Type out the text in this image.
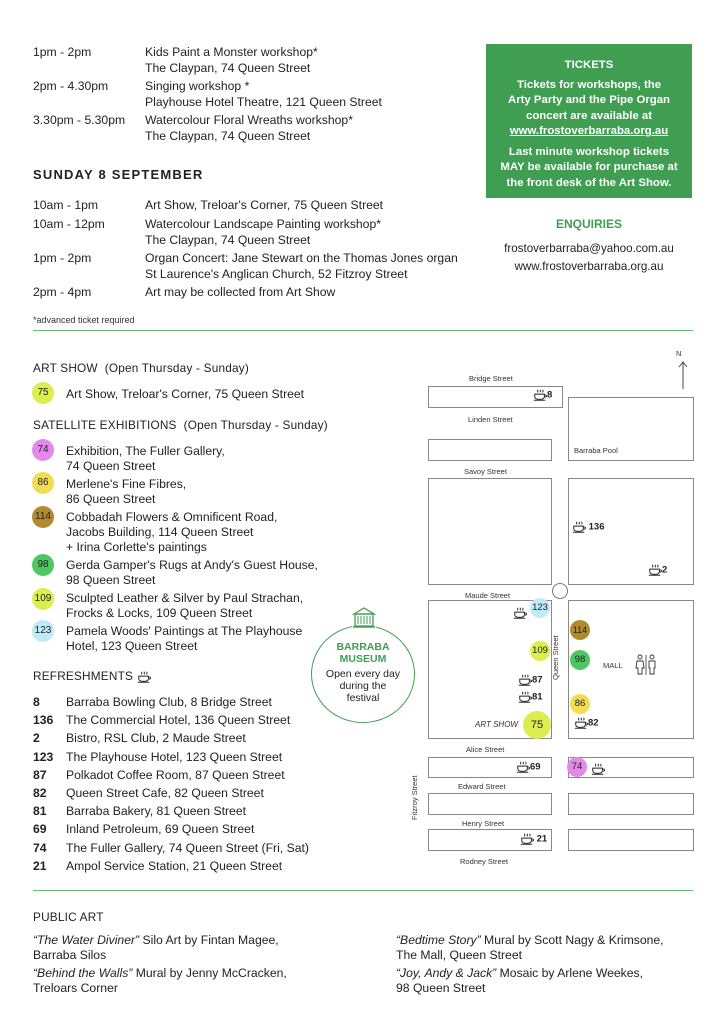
1pm - 2pm	Kids Paint a Monster workshop*
The Claypan, 74 Queen Street
2pm - 4.30pm	Singing workshop *
Playhouse Hotel Theatre, 121 Queen Street
3.30pm - 5.30pm Watercolour Floral Wreaths workshop*
The Claypan, 74 Queen Street
SUNDAY 8 SEPTEMBER
10am - 1pm	Art Show, Treloar's Corner, 75 Queen Street
10am - 12pm	Watercolour Landscape Painting workshop*
The Claypan, 74 Queen Street
1pm - 2pm	Organ Concert: Jane Stewart on the Thomas Jones organ
St Laurence's Anglican Church, 52 Fitzroy Street
2pm - 4pm	Art may be collected from Art Show
*advanced ticket required
TICKETS
Tickets for workshops, the
Arty Party and the Pipe Organ
concert are available at
www.frostoverbarraba.org.au
Last minute workshop tickets
MAY be available for purchase at
the front desk of the Art Show.
ENQUIRIES
frostoverbarraba@yahoo.com.au
www.frostoverbarraba.org.au
ART SHOW (Open Thursday - Sunday)
75	Art Show, Treloar's Corner, 75 Queen Street
SATELLITE EXHIBITIONS (Open Thursday - Sunday)
74	Exhibition, The Fuller Gallery,
74 Queen Street
86	Merlene's Fine Fibres,
86 Queen Street
114 Cobbadah Flowers & Omnificent Road,
Jacobs Building, 114 Queen Street
+ Irina Corlette's paintings
98	Gerda Gamper's Rugs at Andy's Guest House,
98 Queen Street
109 Sculpted Leather & Silver by Paul Strachan,
Frocks & Locks, 109 Queen Street
123 Pamela Woods' Paintings at The Playhouse
Hotel, 123 Queen Street
REFRESHMENTS
8 Barraba Bowling Club, 8 Bridge Street
136 The Commercial Hotel, 136 Queen Street
2 Bistro, RSL Club, 2 Maude Street
123 The Playhouse Hotel, 123 Queen Street
87 Polkadot Coffee Room, 87 Queen Street
82 Queen Street Cafe, 82 Queen Street
81 Barraba Bakery, 81 Queen Street
69 Inland Petroleum, 69 Queen Street
74 The Fuller Gallery, 74 Queen Street (Fri, Sat)
21 Ampol Service Station, 21 Queen Street
BARRABA
MUSEUM
Open every day
during the
festival
N
Bridge Street
Linden Street
Barraba Pool
Savoy Street
Maude Street
Queen Street	MALL
ART SHOW
Alice Street
Edward Street
Henry Street
Rodney Street
Fitzroy Street
8
136
2
123
114
109
98
87
81
86
75	82
69	74
21
PUBLIC ART
“The Water Diviner” Silo Art by Fintan Magee,
Barraba Silos
“Behind the Walls” Mural by Jenny McCracken,
Treloars Corner
“Bedtime Story” Mural by Scott Nagy & Krimsone,
The Mall, Queen Street
“Joy, Andy & Jack” Mosaic by Arlene Weekes,
98 Queen Street
